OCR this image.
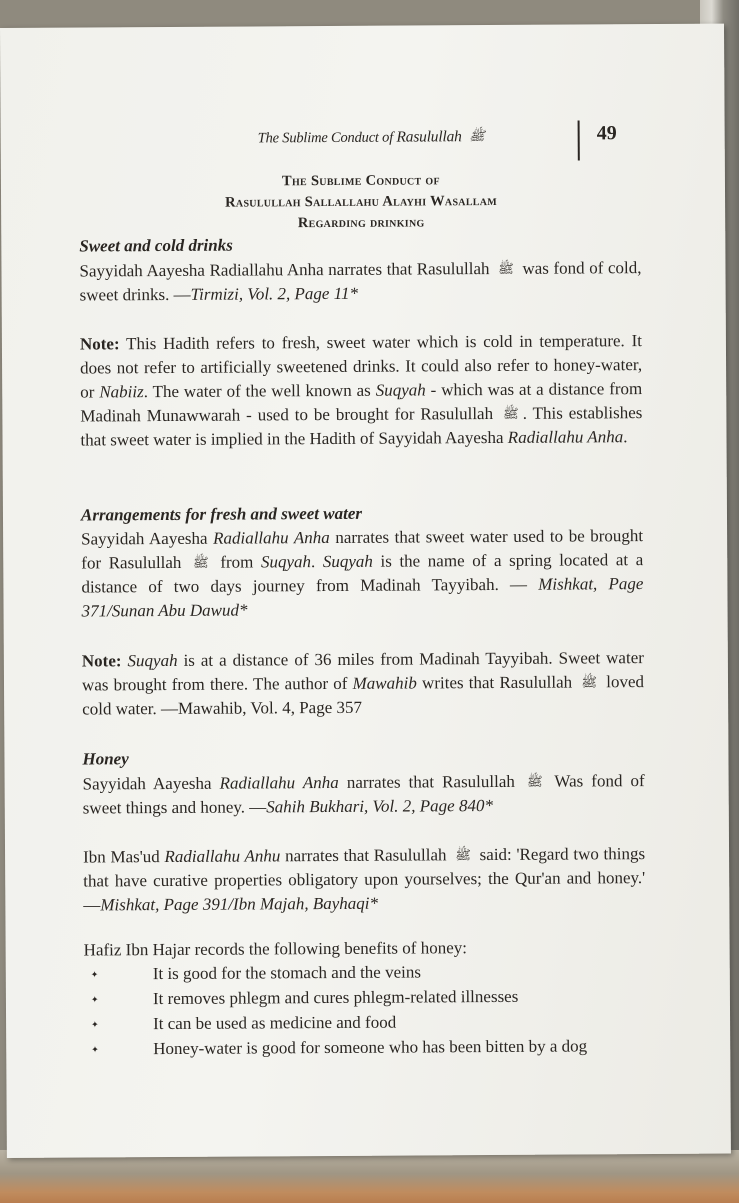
The Sublime Conduct of Rasulullah ﷺ	49
The Sublime Conduct of
Rasulullah Sallallahu Alayhi Wasallam
Regarding drinking
Sweet and cold drinks
Sayyidah Aayesha Radiallahu Anha narrates that Rasulullah ﷺ was fond of cold, sweet drinks. —Tirmizi, Vol. 2, Page 11*
Note: This Hadith refers to fresh, sweet water which is cold in temperature. It does not refer to artificially sweetened drinks. It could also refer to honey-water, or Nabiiz. The water of the well known as Suqyah - which was at a distance from Madinah Munawwarah - used to be brought for Rasulullah ﷺ . This establishes that sweet water is implied in the Hadith of Sayyidah Aayesha Radiallahu Anha.
Arrangements for fresh and sweet water
Sayyidah Aayesha Radiallahu Anha narrates that sweet water used to be brought for Rasulullah ﷺ from Suqyah. Suqyah is the name of a spring located at a distance of two days journey from Madinah Tayyibah. — Mishkat, Page 371/Sunan Abu Dawud*
Note: Suqyah is at a distance of 36 miles from Madinah Tayyibah. Sweet water was brought from there. The author of Mawahib writes that Rasulullah ﷺ loved cold water. —Mawahib, Vol. 4, Page 357
Honey
Sayyidah Aayesha Radiallahu Anha narrates that Rasulullah ﷺ Was fond of sweet things and honey. —Sahih Bukhari, Vol. 2, Page 840*
Ibn Mas'ud Radiallahu Anhu narrates that Rasulullah ﷺ said: 'Regard two things that have curative properties obligatory upon yourselves; the Qur'an and honey.' —Mishkat, Page 391/Ibn Majah, Bayhaqi*
Hafiz Ibn Hajar records the following benefits of honey:
✦	It is good for the stomach and the veins
✦	It removes phlegm and cures phlegm-related illnesses
✦	It can be used as medicine and food
✦	Honey-water is good for someone who has been bitten by a dog
